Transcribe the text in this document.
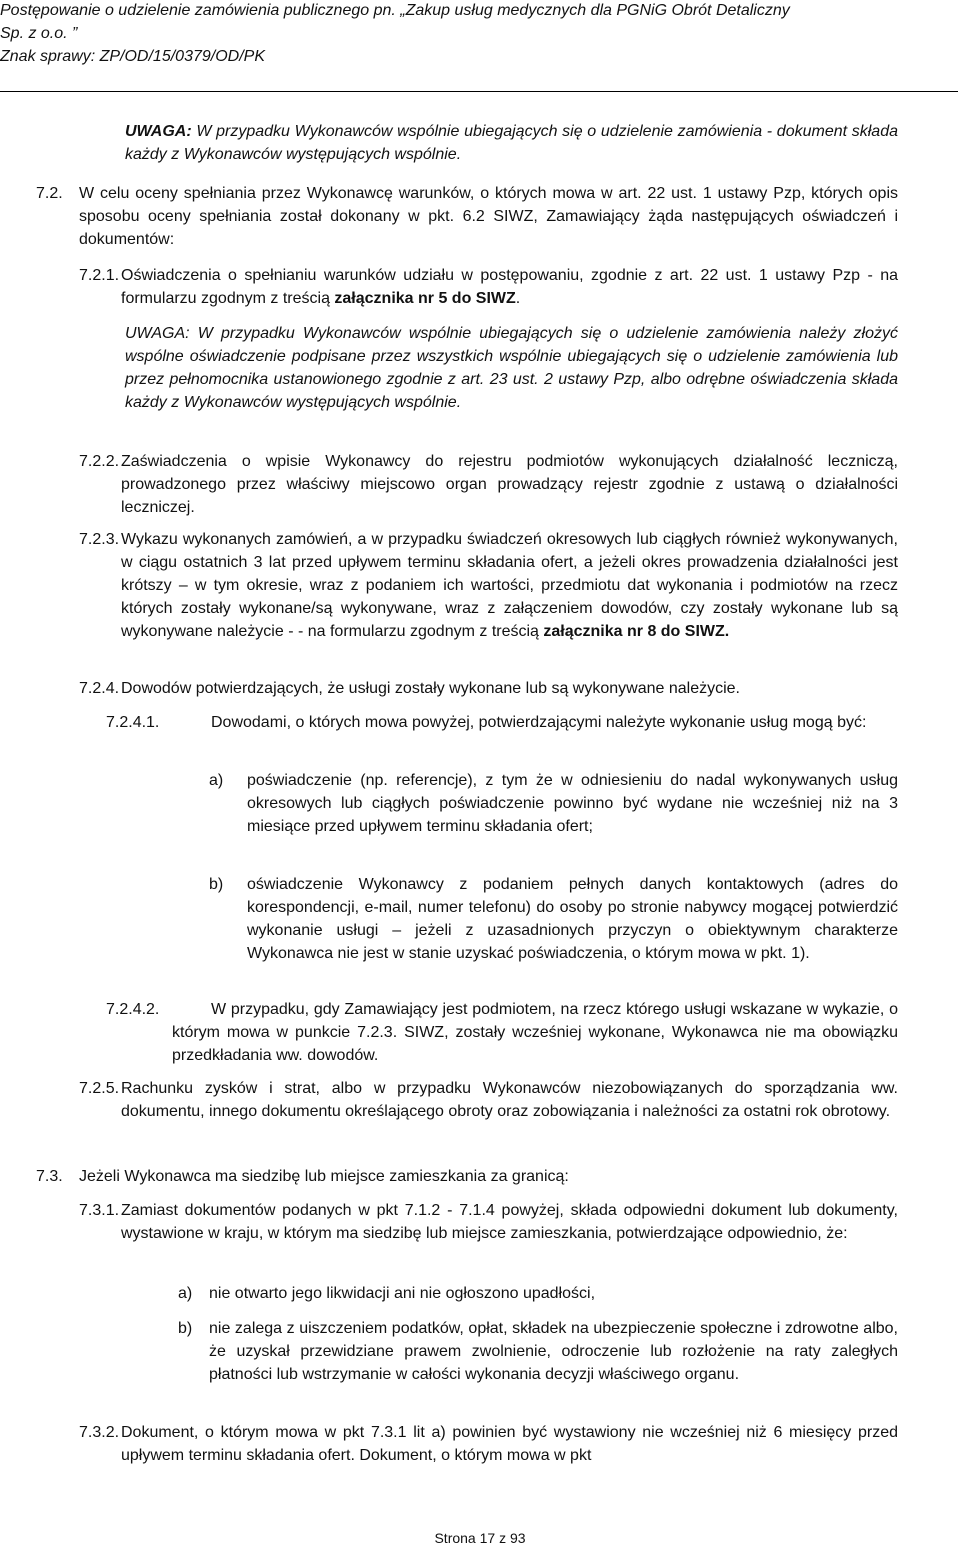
Postępowanie o udzielenie zamówienia publicznego pn. „Zakup usług medycznych dla PGNiG Obrót Detaliczny
Sp. z o.o. ”
Znak sprawy: ZP/OD/15/0379/OD/PK
UWAGA: W przypadku Wykonawców wspólnie ubiegających się o udzielenie zamówienia - dokument składa każdy z Wykonawców występujących wspólnie.
7.2. W celu oceny spełniania przez Wykonawcę warunków, o których mowa w art. 22 ust. 1 ustawy Pzp, których opis sposobu oceny spełniania został dokonany w pkt. 6.2 SIWZ, Zamawiający żąda następujących oświadczeń i dokumentów:
7.2.1. Oświadczenia o spełnianiu warunków udziału w postępowaniu, zgodnie z art. 22 ust. 1 ustawy Pzp - na formularzu zgodnym z treścią załącznika nr 5 do SIWZ.
UWAGA: W przypadku Wykonawców wspólnie ubiegających się o udzielenie zamówienia należy złożyć wspólne oświadczenie podpisane przez wszystkich wspólnie ubiegających się o udzielenie zamówienia lub przez pełnomocnika ustanowionego zgodnie z art. 23 ust. 2 ustawy Pzp, albo odrębne oświadczenia składa każdy z Wykonawców występujących wspólnie.
7.2.2. Zaświadczenia o wpisie Wykonawcy do rejestru podmiotów wykonujących działalność leczniczą, prowadzonego przez właściwy miejscowo organ prowadzący rejestr zgodnie z ustawą o działalności leczniczej.
7.2.3. Wykazu wykonanych zamówień, a w przypadku świadczeń okresowych lub ciągłych również wykonywanych, w ciągu ostatnich 3 lat przed upływem terminu składania ofert, a jeżeli okres prowadzenia działalności jest krótszy – w tym okresie, wraz z podaniem ich wartości, przedmiotu dat wykonania i podmiotów na rzecz których zostały wykonane/są wykonywane, wraz z załączeniem dowodów, czy zostały wykonane lub są wykonywane należycie - - na formularzu zgodnym z treścią załącznika nr 8 do SIWZ.
7.2.4. Dowodów potwierdzających, że usługi zostały wykonane lub są wykonywane należycie.
7.2.4.1.	Dowodami, o których mowa powyżej, potwierdzającymi należyte wykonanie usług mogą być:
a) poświadczenie (np. referencje), z tym że w odniesieniu do nadal wykonywanych usług okresowych lub ciągłych poświadczenie powinno być wydane nie wcześniej niż na 3 miesiące przed upływem terminu składania ofert;
b) oświadczenie Wykonawcy z podaniem pełnych danych kontaktowych (adres do korespondencji, e-mail, numer telefonu) do osoby po stronie nabywcy mogącej potwierdzić wykonanie usługi – jeżeli z uzasadnionych przyczyn o obiektywnym charakterze Wykonawca nie jest w stanie uzyskać poświadczenia, o którym mowa w pkt. 1).
7.2.4.2.	W przypadku, gdy Zamawiający jest podmiotem, na rzecz którego usługi wskazane w wykazie, o którym mowa w punkcie 7.2.3. SIWZ, zostały wcześniej wykonane, Wykonawca nie ma obowiązku przedkładania ww. dowodów.
7.2.5. Rachunku zysków i strat, albo w przypadku Wykonawców niezobowiązanych do sporządzania ww. dokumentu, innego dokumentu określającego obroty oraz zobowiązania i należności za ostatni rok obrotowy.
7.3. Jeżeli Wykonawca ma siedzibę lub miejsce zamieszkania za granicą:
7.3.1. Zamiast dokumentów podanych w pkt 7.1.2 - 7.1.4 powyżej, składa odpowiedni dokument lub dokumenty, wystawione w kraju, w którym ma siedzibę lub miejsce zamieszkania, potwierdzające odpowiednio, że:
a) nie otwarto jego likwidacji ani nie ogłoszono upadłości,
b) nie zalega z uiszczeniem podatków, opłat, składek na ubezpieczenie społeczne i zdrowotne albo, że uzyskał przewidziane prawem zwolnienie, odroczenie lub rozłożenie na raty zaległych płatności lub wstrzymanie w całości wykonania decyzji właściwego organu.
7.3.2. Dokument, o którym mowa w pkt 7.3.1 lit a) powinien być wystawiony nie wcześniej niż 6 miesięcy przed upływem terminu składania ofert. Dokument, o którym mowa w pkt
Strona 17 z 93
